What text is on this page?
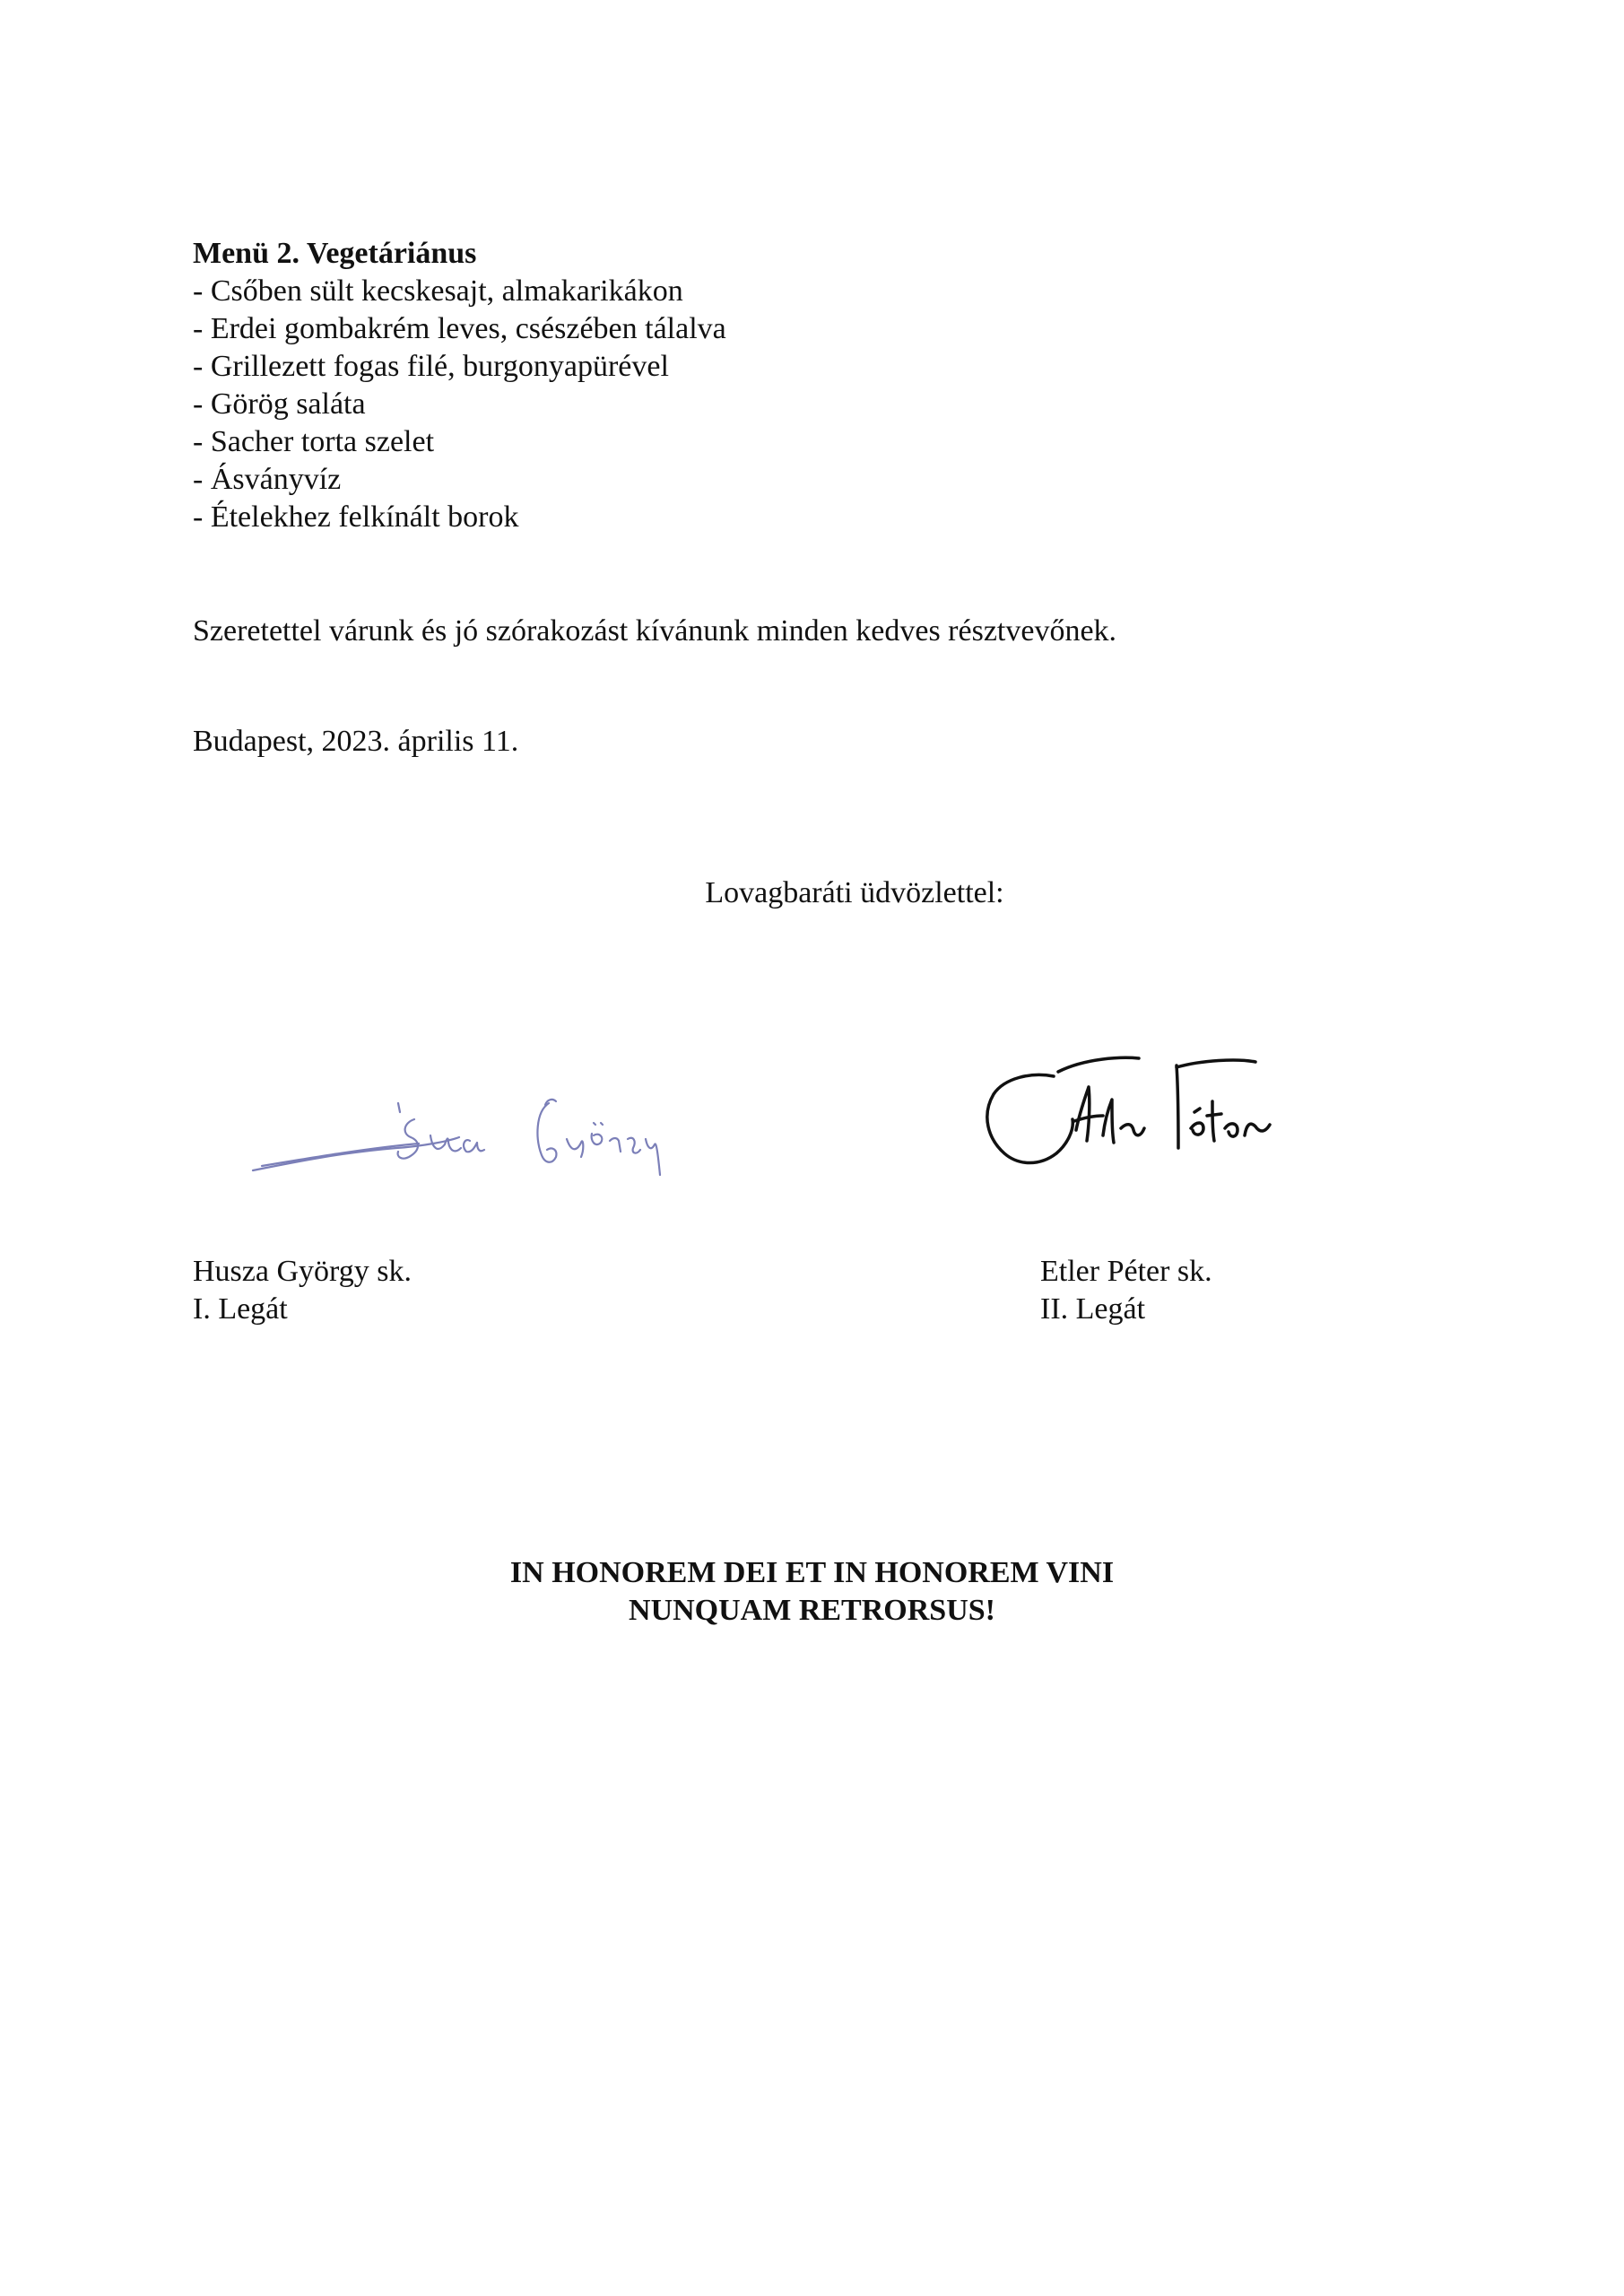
Menü 2. Vegetáriánus

- Csőben sült kecskesajt, almakarikákon
- Erdei gombakrém leves, csészében tálalva
- Grillezett fogas filé, burgonyapürével
- Görög saláta
- Sacher torta szelet
- Ásványvíz
- Ételekhez felkínált borok
Szeretettel várunk és jó szórakozást kívánunk minden kedves résztvevőnek.
Budapest, 2023. április 11.
Lovagbaráti üdvözlettel:
Husza György sk.
I. Legát
Etler Péter sk.
II. Legát
IN HONOREM DEI ET IN HONOREM VINI
NUNQUAM RETRORSUS!
